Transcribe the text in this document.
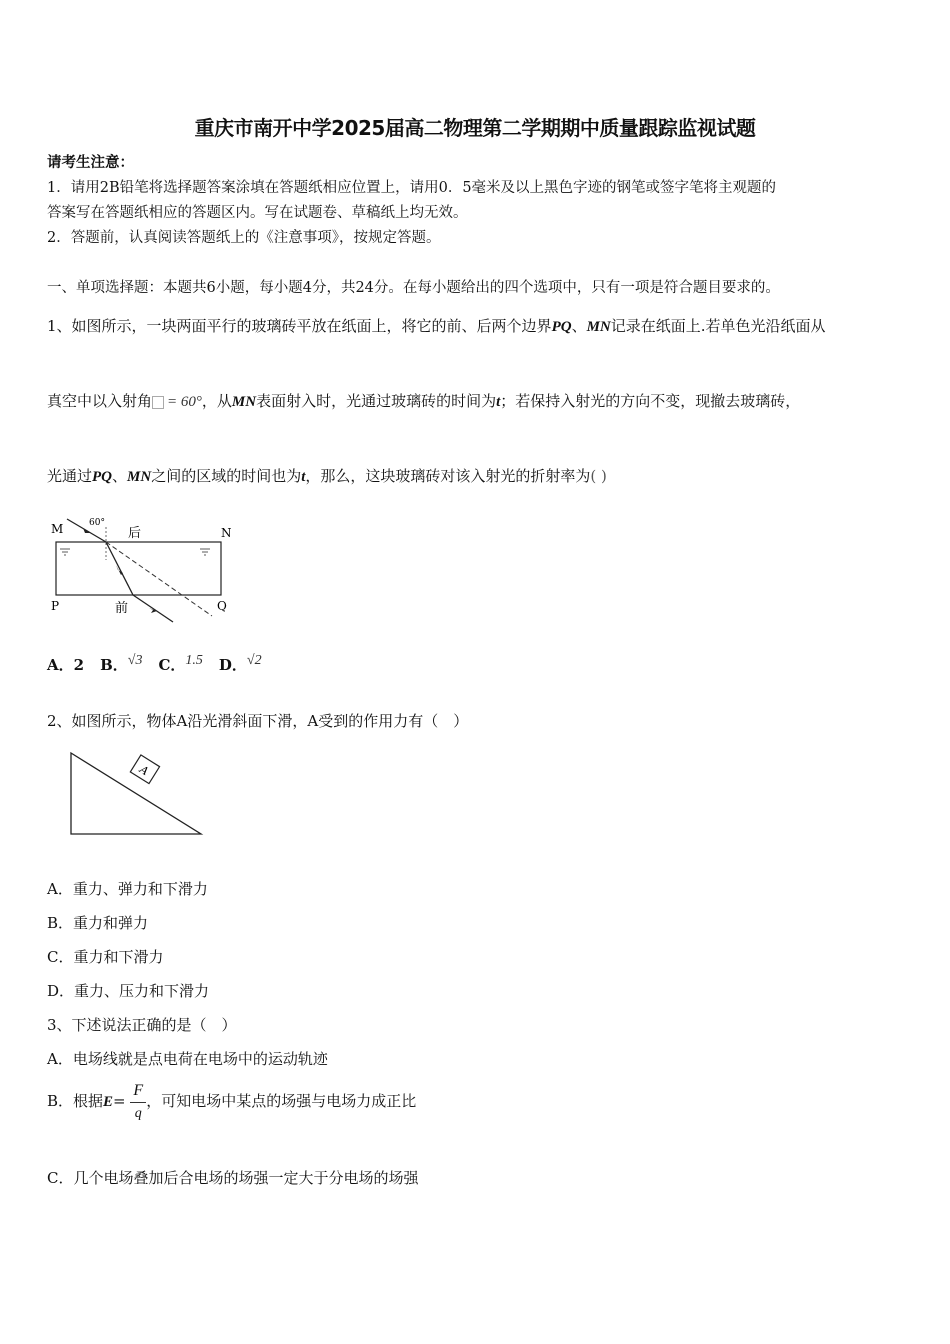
重庆市南开中学2025届高二物理第二学期期中质量跟踪监视试题
请考生注意：
1．请用2B铅笔将选择题答案涂填在答题纸相应位置上，请用0．5毫米及以上黑色字迹的钢笔或签字笔将主观题的
答案写在答题纸相应的答题区内。写在试题卷、草稿纸上均无效。
2．答题前，认真阅读答题纸上的《注意事项》，按规定答题。
一、单项选择题：本题共6小题，每小题4分，共24分。在每小题给出的四个选项中，只有一项是符合题目要求的。
1、如图所示，一块两面平行的玻璃砖平放在纸面上，将它的前、后两个边界PQ、MN记录在纸面上.若单色光沿纸面从
真空中以入射角 = 60°，从MN表面射入时，光通过玻璃砖的时间为t；若保持入射光的方向不变，现撤去玻璃砖，
光通过PQ、MN之间的区域的时间也为t，那么，这块玻璃砖对该入射光的折射率为( )
M	N
P	Q
后
前
60°
A．2 B．√3 C．1.5 D．√2
2、如图所示，物体A沿光滑斜面下滑，A受到的作用力有（　）
A
A．重力、弹力和下滑力
B．重力和弹力
C．重力和下滑力
D．重力、压力和下滑力
3、下述说法正确的是（　）
A．电场线就是点电荷在电场中的运动轨迹
B．根据$E= \frac{F}{q}$ ，可知电场中某点的场强与电场力成正比
C．几个电场叠加后合电场的场强一定大于分电场的场强
